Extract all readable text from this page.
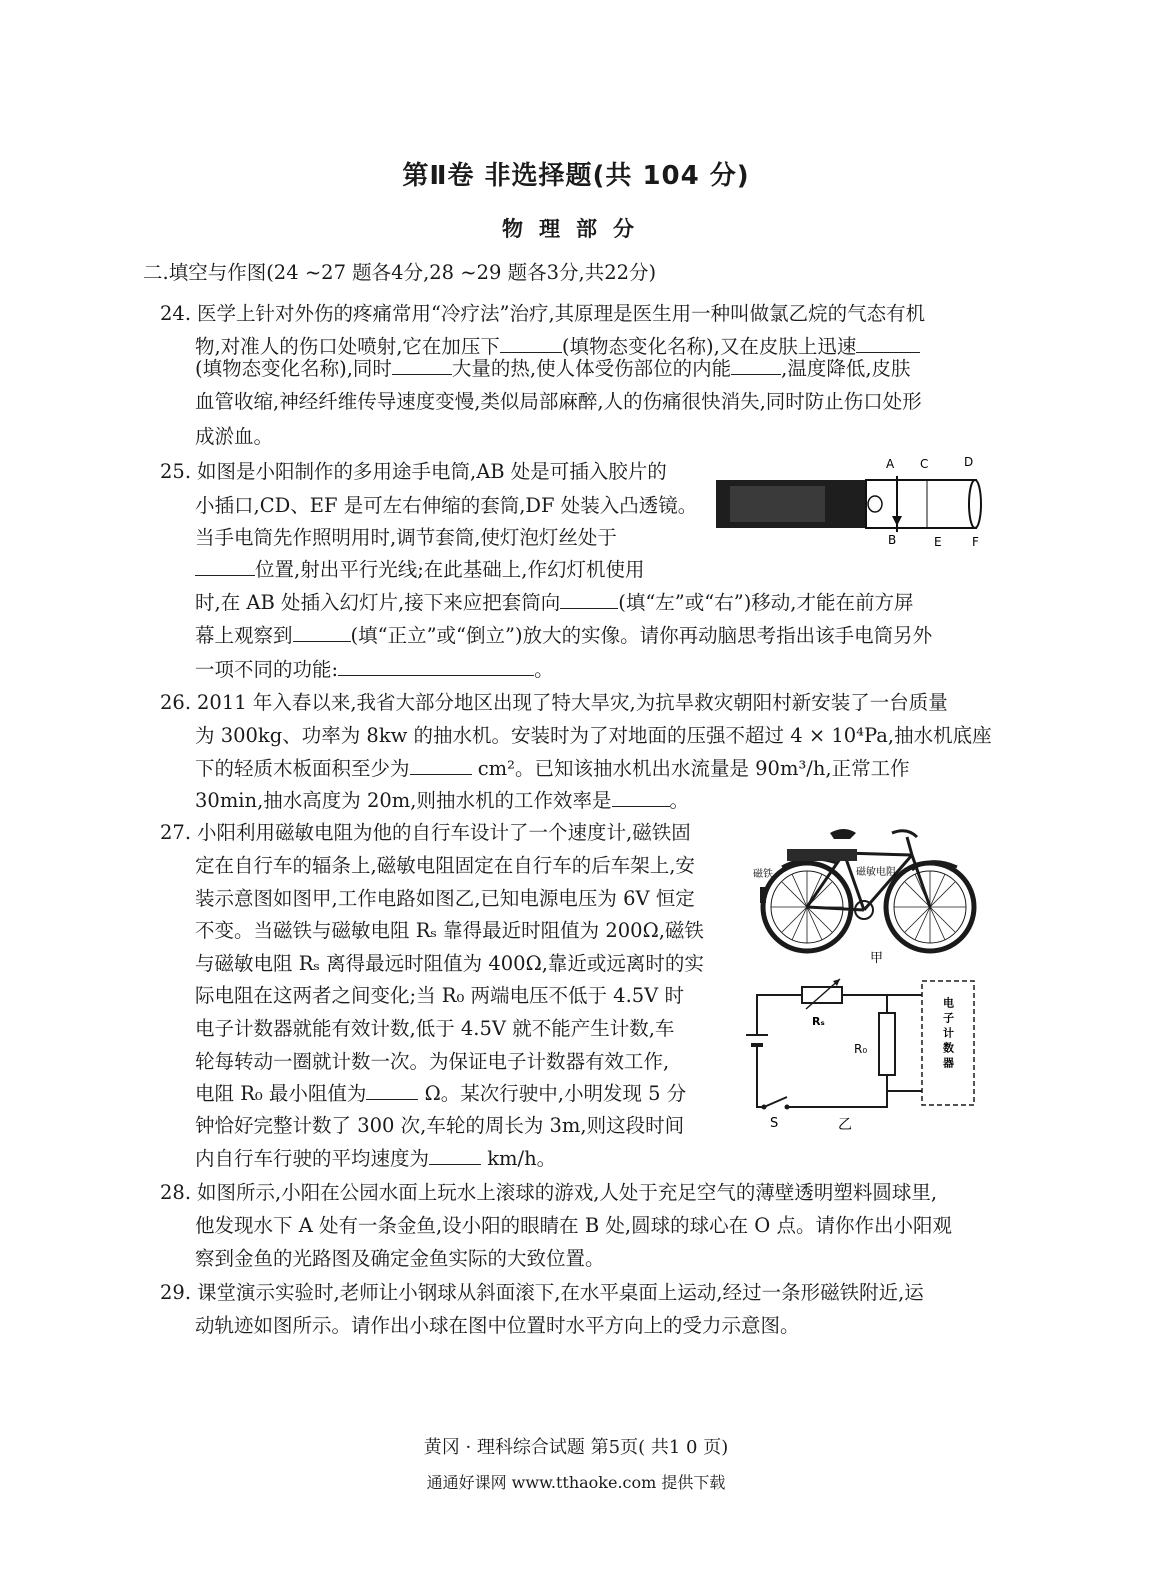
第Ⅱ卷 非选择题(共 104 分)
物理部分
二.填空与作图(24 ~27 题各4分,28 ~29 题各3分,共22分)
24. 医学上针对外伤的疼痛常用“冷疗法”治疗,其原理是医生用一种叫做氯乙烷的气态有机
物,对准人的伤口处喷射,它在加压下	(填物态变化名称),又在皮肤上迅速
(填物态变化名称),同时	大量的热,使人体受伤部位的内能	,温度降低,皮肤
血管收缩,神经纤维传导速度变慢,类似局部麻醉,人的伤痛很快消失,同时防止伤口处形
成淤血。
25. 如图是小阳制作的多用途手电筒,AB 处是可插入胶片的
小插口,CD、EF 是可左右伸缩的套筒,DF 处装入凸透镜。
当手电筒先作照明用时,调节套筒,使灯泡灯丝处于
位置,射出平行光线;在此基础上,作幻灯机使用
时,在 AB 处插入幻灯片,接下来应把套筒向	(填“左”或“右”)移动,才能在前方屏
幕上观察到	(填“正立”或“倒立”)放大的实像。请你再动脑思考指出该手电筒另外
一项不同的功能:	。
A C	D
B	E	F
26. 2011 年入春以来,我省大部分地区出现了特大旱灾,为抗旱救灾朝阳村新安装了一台质量
为 300kg、功率为 8kw 的抽水机。安装时为了对地面的压强不超过 4 × 10⁴Pa,抽水机底座
下的轻质木板面积至少为	cm²。已知该抽水机出水流量是 90m³/h,正常工作
30min,抽水高度为 20m,则抽水机的工作效率是	。
27. 小阳利用磁敏电阻为他的自行车设计了一个速度计,磁铁固
定在自行车的辐条上,磁敏电阻固定在自行车的后车架上,安
装示意图如图甲,工作电路如图乙,已知电源电压为 6V 恒定
不变。当磁铁与磁敏电阻 Rₛ 靠得最近时阻值为 200Ω,磁铁
与磁敏电阻 Rₛ 离得最远时阻值为 400Ω,靠近或远离时的实
际电阻在这两者之间变化;当 R₀ 两端电压不低于 4.5V 时
电子计数器就能有效计数,低于 4.5V 就不能产生计数,车
轮每转动一圈就计数一次。为保证电子计数器有效工作,
电阻 R₀ 最小阻值为	Ω。某次行驶中,小明发现 5 分
钟恰好完整计数了 300 次,车轮的周长为 3m,则这段时间
内自行车行驶的平均速度为	km/h。
磁铁	磁敏电阻
甲
电子计数器
Rₛ
R₀
S	乙
28. 如图所示,小阳在公园水面上玩水上滚球的游戏,人处于充足空气的薄壁透明塑料圆球里,
他发现水下 A 处有一条金鱼,设小阳的眼睛在 B 处,圆球的球心在 O 点。请你作出小阳观
察到金鱼的光路图及确定金鱼实际的大致位置。
29. 课堂演示实验时,老师让小钢球从斜面滚下,在水平桌面上运动,经过一条形磁铁附近,运
动轨迹如图所示。请作出小球在图中位置时水平方向上的受力示意图。
黄冈 · 理科综合试题 第5页( 共1 0 页)
通通好课网 www.tthaoke.com 提供下载
